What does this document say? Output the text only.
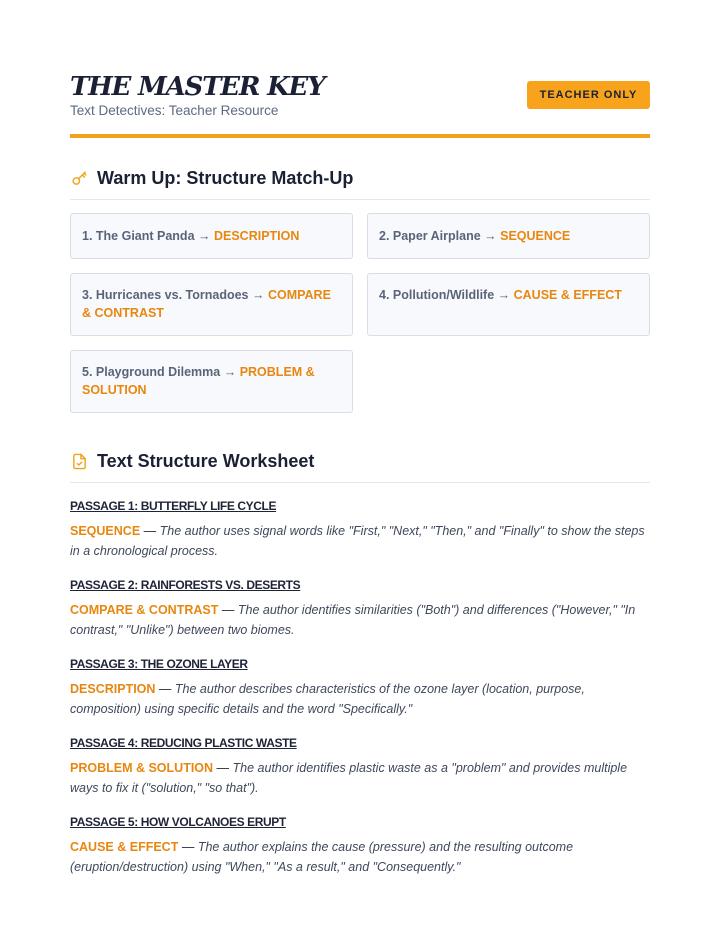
THE MASTER KEY
Text Detectives: Teacher Resource
TEACHER ONLY
Warm Up: Structure Match-Up
1. The Giant Panda → DESCRIPTION	2. Paper Airplane → SEQUENCE
3. Hurricanes vs. Tornadoes → COMPARE & CONTRAST
4. Pollution/Wildlife → CAUSE & EFFECT
5. Playground Dilemma → PROBLEM & SOLUTION
Text Structure Worksheet
PASSAGE 1: BUTTERFLY LIFE CYCLE
SEQUENCE — The author uses signal words like "First," "Next," "Then," and "Finally" to show the steps in a chronological process.
PASSAGE 2: RAINFORESTS VS. DESERTS
COMPARE & CONTRAST — The author identifies similarities ("Both") and differences ("However," "In contrast," "Unlike") between two biomes.
PASSAGE 3: THE OZONE LAYER
DESCRIPTION — The author describes characteristics of the ozone layer (location, purpose, composition) using specific details and the word "Specifically."
PASSAGE 4: REDUCING PLASTIC WASTE
PROBLEM & SOLUTION — The author identifies plastic waste as a "problem" and provides multiple ways to fix it ("solution," "so that").
PASSAGE 5: HOW VOLCANOES ERUPT
CAUSE & EFFECT — The author explains the cause (pressure) and the resulting outcome (eruption/destruction) using "When," "As a result," and "Consequently."
